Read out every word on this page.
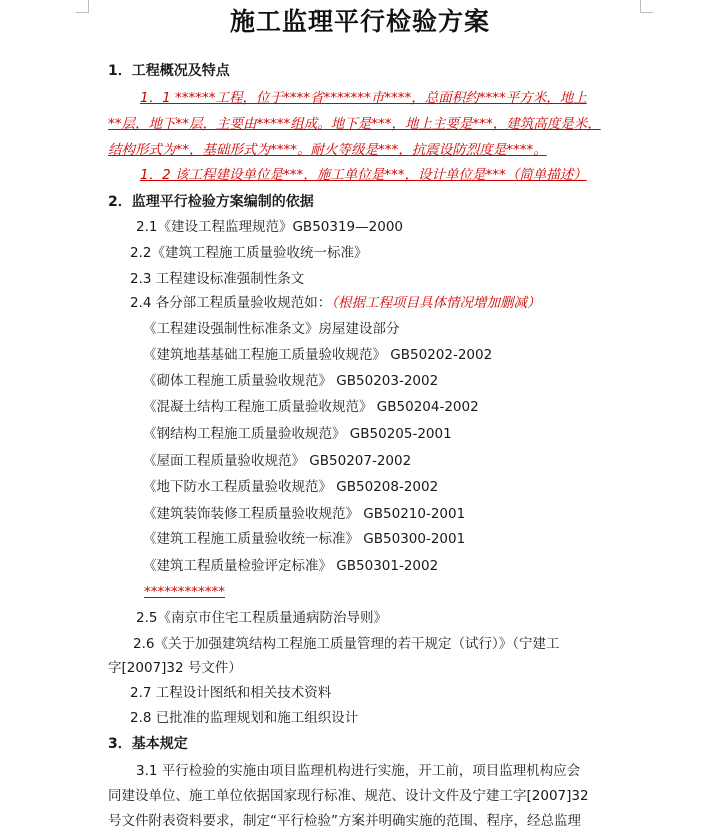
施工监理平行检验方案
1．工程概况及特点
1．1 ******工程，位于****省*******市****，总面积约****平方米，地上
**层，地下**层，主要由*****组成。地下是***，地上主要是***，建筑高度是米，
结构形式为**，基础形式为****。耐火等级是***，抗震设防烈度是****。
1．2 该工程建设单位是***，施工单位是***，设计单位是***（简单描述）
2．监理平行检验方案编制的依据
2.1《建设工程监理规范》GB50319—2000
2.2《建筑工程施工质量验收统一标准》
2.3 工程建设标准强制性条文
2.4 各分部工程质量验收规范如：（根据工程项目具体情况增加删减）
《工程建设强制性标准条文》房屋建设部分
《建筑地基基础工程施工质量验收规范》 GB50202-2002
《砌体工程施工质量验收规范》 GB50203-2002
《混凝土结构工程施工质量验收规范》 GB50204-2002
《钢结构工程施工质量验收规范》 GB50205-2001
《屋面工程质量验收规范》 GB50207-2002
《地下防水工程质量验收规范》 GB50208-2002
《建筑装饰装修工程质量验收规范》 GB50210-2001
《建筑工程施工质量验收统一标准》 GB50300-2001
《建筑工程质量检验评定标准》 GB50301-2002
************
2.5《南京市住宅工程质量通病防治导则》
2.6《关于加强建筑结构工程施工质量管理的若干规定（试行）》（宁建工
字[2007]32 号文件）
2.7 工程设计图纸和相关技术资料
2.8 已批准的监理规划和施工组织设计
3．基本规定
3.1 平行检验的实施由项目监理机构进行实施，开工前，项目监理机构应会
同建设单位、施工单位依据国家现行标准、规范、设计文件及宁建工字[2007]32
号文件附表资料要求，制定“平行检验”方案并明确实施的范围、程序，经总监理
